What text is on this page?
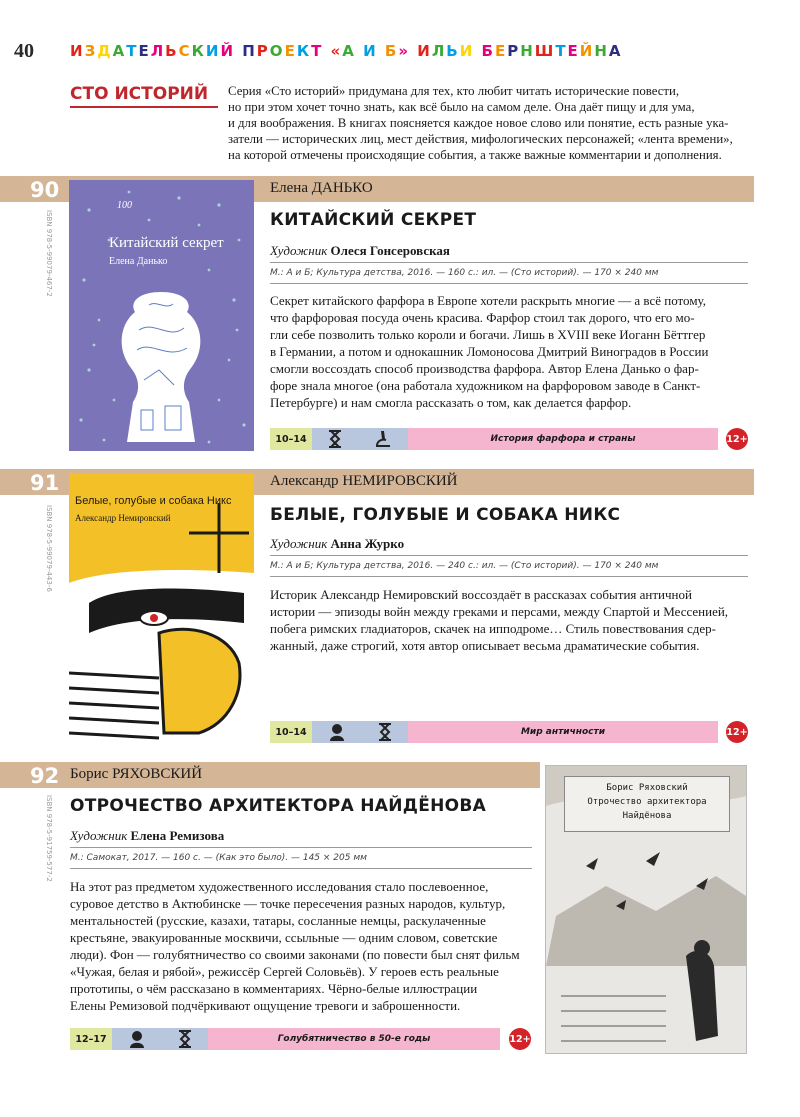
40 ИЗДАТЕЛЬСКИЙ ПРОЕКТ «А И Б» ИЛЬИ БЕРНШТЕЙНА
СТО ИСТОРИЙ	Серия «Сто историй» придумана для тех, кто любит читать исторические повести,
но при этом хочет точно знать, как всё было на самом деле. Она даёт пищу и для ума,
и для воображения. В книгах поясняется каждое новое слово или понятие, есть разные ука-
затели — исторических лиц, мест действия, мифологических персонажей; «лента времени»,
на которой отмечены происходящие события, а также важные комментарии и дополнения.
90	Елена ДАНЬКО
ISBN 978-5-99079-467-2
100
Китайский секрет
Елена Данько
КИТАЙСКИЙ СЕКРЕТ
Художник Олеся Гонсеровская
М.: А и Б; Культура детства, 2016. — 160 с.: ил. — (Сто историй). — 170 × 240 мм
Секрет китайского фарфора в Европе хотели раскрыть многие — а всё потому,
что фарфоровая посуда очень красива. Фарфор стоил так дорого, что его мо-
гли себе позволить только короли и богачи. Лишь в XVIII веке Иоганн Бёттгер
в Германии, а потом и однокашник Ломоносова Дмитрий Виноградов в России
смогли воссоздать способ производства фарфора. Автор Елена Данько о фар-
форе знала многое (она работала художником на фарфоровом заводе в Санкт-
Петербурге) и нам смогла рассказать о том, как делается фарфор.
10–14	История фарфора и страны	12+
91	Александр НЕМИРОВСКИЙ
ISBN 978-5-99079-443-6
Белые, голубые и собака Никс
Александр Немировский
100
БЕЛЫЕ, ГОЛУБЫЕ И СОБАКА НИКС
Художник Анна Журко
М.: А и Б; Культура детства, 2016. — 240 с.: ил. — (Сто историй). — 170 × 240 мм
Историк Александр Немировский воссоздаёт в рассказах события античной
истории — эпизоды войн между греками и персами, между Спартой и Мессенией,
побега римских гладиаторов, скачек на ипподроме… Стиль повествования сдер-
жанный, даже строгий, хотя автор описывает весьма драматические события.
10–14	Мир античности	12+
92 Борис РЯХОВСКИЙ
ISBN 978-5-91759-577-2 ОТРОЧЕСТВО АРХИТЕКТОРА НАЙДЁНОВА
Художник Елена Ремизова
М.: Самокат, 2017. — 160 с. — (Как это было). — 145 × 205 мм
На этот раз предметом художественного исследования стало послевоенное,
суровое детство в Актюбинске — точке пересечения разных народов, культур,
ментальностей (русские, казахи, татары, сосланные немцы, раскулаченные
крестьяне, эвакуированные москвичи, ссыльные — одним словом, советские
люди). Фон — голубятничество со своими законами (по повести был снят фильм
«Чужая, белая и рябой», режиссёр Сергей Соловьёв). У героев есть реальные
прототипы, о чём рассказано в комментариях. Чёрно-белые иллюстрации
Елены Ремизовой подчёркивают ощущение тревоги и заброшенности.
12–17	Голубятничество в 50-е годы	12+
Борис Ряховский
Отрочество архитектора
Найдёнова
